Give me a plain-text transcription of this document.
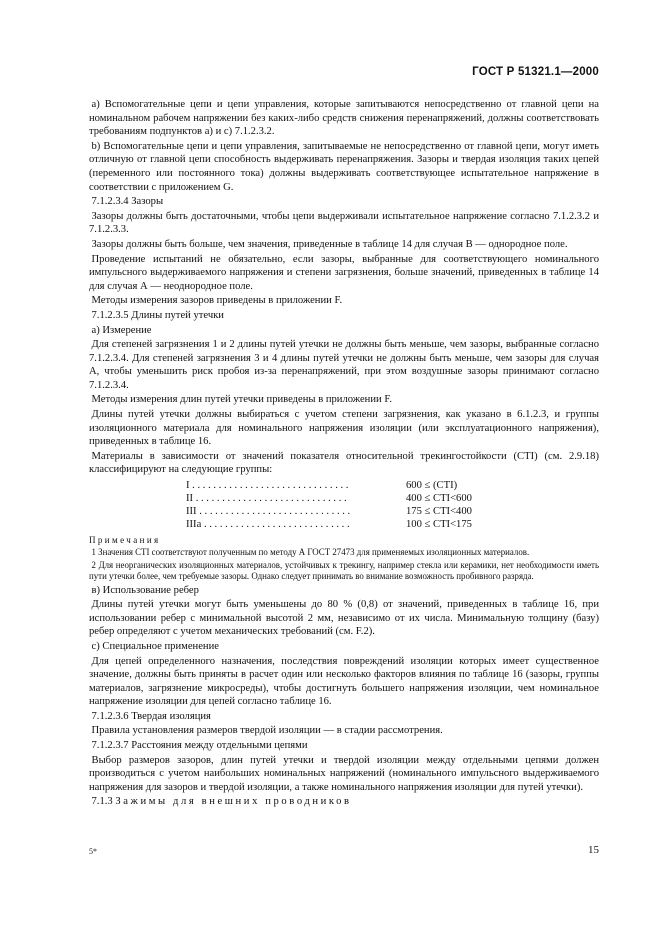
ГОСТ Р 51321.1—2000

а) Вспомогательные цепи и цепи управления, которые запитываются непосредственно от главной цепи на номинальном рабочем напряжении без каких-либо средств снижения перенапряжений, должны соответствовать требованиям подпунктов а) и с) 7.1.2.3.2.

b) Вспомогательные цепи и цепи управления, запитываемые не непосредственно от главной цепи, могут иметь отличную от главной цепи способность выдерживать перенапряжения. Зазоры и твердая изоляция таких цепей (переменного или постоянного тока) должны выдерживать соответствующее испытательное напряжение в соответствии с приложением G.

7.1.2.3.4 Зазоры

Зазоры должны быть достаточными, чтобы цепи выдерживали испытательное напряжение согласно 7.1.2.3.2 и 7.1.2.3.3.

Зазоры должны быть больше, чем значения, приведенные в таблице 14 для случая В — однородное поле.

Проведение испытаний не обязательно, если зазоры, выбранные для соответствующего номинального импульсного выдерживаемого напряжения и степени загрязнения, больше значений, приведенных в таблице 14 для случая А — неоднородное поле.

Методы измерения зазоров приведены в приложении F.

7.1.2.3.5 Длины путей утечки

а) Измерение

Для степеней загрязнения 1 и 2 длины путей утечки не должны быть меньше, чем зазоры, выбранные согласно 7.1.2.3.4. Для степеней загрязнения 3 и 4 длины путей утечки не должны быть меньше, чем зазоры для случая А, чтобы уменьшить риск пробоя из-за перенапряжений, при этом воздушные зазоры принимают согласно 7.1.2.3.4.

Методы измерения длин путей утечки приведены в приложении F.

Длины путей утечки должны выбираться с учетом степени загрязнения, как указано в 6.1.2.3, и группы изоляционного материала для номинального напряжения изоляции (или эксплуатационного напряжения), приведенных в таблице 16.

Материалы в зависимости от значений показателя относительной трекингостойкости (СТI) (см. 2.9.18) классифицируют на следующие группы:

I . . . . . . . . . . . . . . . . . . . . . . . . . . . . . .	600 ≤ (CTI)
II . . . . . . . . . . . . . . . . . . . . . . . . . . . . .	400 ≤ CTI<600
III . . . . . . . . . . . . . . . . . . . . . . . . . . . . .	175 ≤ CTI<400
IIIa . . . . . . . . . . . . . . . . . . . . . . . . . . . .	100 ≤ CTI<175

Примечания

1 Значения СТI соответствуют полученным по методу А ГОСТ 27473 для применяемых изоляционных материалов.

2 Для неорганических изоляционных материалов, устойчивых к трекингу, например стекла или керамики, нет необходимости иметь пути утечки более, чем требуемые зазоры. Однако следует принимать во внимание возможность пробивного разряда.

в) Использование ребер

Длины путей утечки могут быть уменьшены до 80 % (0,8) от значений, приведенных в таблице 16, при использовании ребер с минимальной высотой 2 мм, независимо от их числа. Минимальную толщину (базу) ребер определяют с учетом механических требований (см. F.2).

с) Специальное применение

Для цепей определенного назначения, последствия повреждений изоляции которых имеет существенное значение, должны быть приняты в расчет один или несколько факторов влияния по таблице 16 (зазоры, группы материалов, загрязнение микросреды), чтобы достигнуть большего напряжения изоляции, чем номинальное напряжение изоляции для цепей согласно таблице 16.

7.1.2.3.6 Твердая изоляция

Правила установления размеров твердой изоляции — в стадии рассмотрения.

7.1.2.3.7 Расстояния между отдельными цепями

Выбор размеров зазоров, длин путей утечки и твердой изоляции между отдельными цепями должен производиться с учетом наибольших номинальных напряжений (номинального импульсного выдерживаемого напряжения для зазоров и твердой изоляции, а также номинального напряжения изоляции для путей утечки).

7.1.3 Зажимы для внешних проводников

5*	15
